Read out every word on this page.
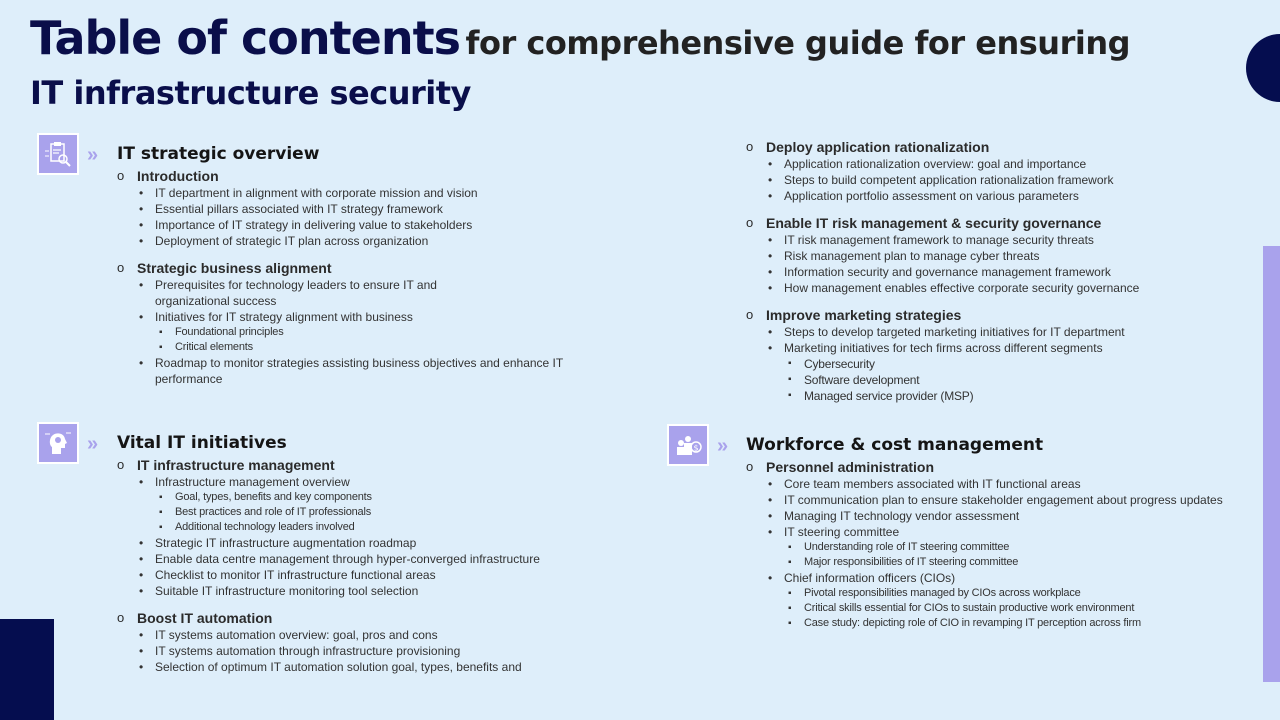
Table of contents for comprehensive guide for ensuring
IT infrastructure security
»
»	$ »
IT strategic overview
o Introduction
• IT department in alignment with corporate mission and vision
• Essential pillars associated with IT strategy framework
• Importance of IT strategy in delivering value to stakeholders
• Deployment of strategic IT plan across organization
o Strategic business alignment
• Prerequisites for technology leaders to ensure IT and organizational success
• Initiatives for IT strategy alignment with business
▪ Foundational principles
▪ Critical elements
• Roadmap to monitor strategies assisting business objectives and enhance IT performance
Vital IT initiatives
o IT infrastructure management
• Infrastructure management overview
▪ Goal, types, benefits and key components
▪ Best practices and role of IT professionals
▪ Additional technology leaders involved
• Strategic IT infrastructure augmentation roadmap
• Enable data centre management through hyper-converged infrastructure
• Checklist to monitor IT infrastructure functional areas
• Suitable IT infrastructure monitoring tool selection
o Boost IT automation
• IT systems automation overview: goal, pros and cons
• IT systems automation through infrastructure provisioning
• Selection of optimum IT automation solution goal, types, benefits and
o Deploy application rationalization
• Application rationalization overview: goal and importance
• Steps to build competent application rationalization framework
• Application portfolio assessment on various parameters
o Enable IT risk management & security governance
• IT risk management framework to manage security threats
• Risk management plan to manage cyber threats
• Information security and governance management framework
• How management enables effective corporate security governance
o Improve marketing strategies
• Steps to develop targeted marketing initiatives for IT department
• Marketing initiatives for tech firms across different segments
▪ Cybersecurity
▪ Software development
▪ Managed service provider (MSP)
Workforce & cost management
o Personnel administration
• Core team members associated with IT functional areas
• IT communication plan to ensure stakeholder engagement about progress updates
• Managing IT technology vendor assessment
• IT steering committee
▪ Understanding role of IT steering committee
▪ Major responsibilities of IT steering committee
• Chief information officers (CIOs)
▪ Pivotal responsibilities managed by CIOs across workplace
▪ Critical skills essential for CIOs to sustain productive work environment
▪ Case study: depicting role of CIO in revamping IT perception across firm
